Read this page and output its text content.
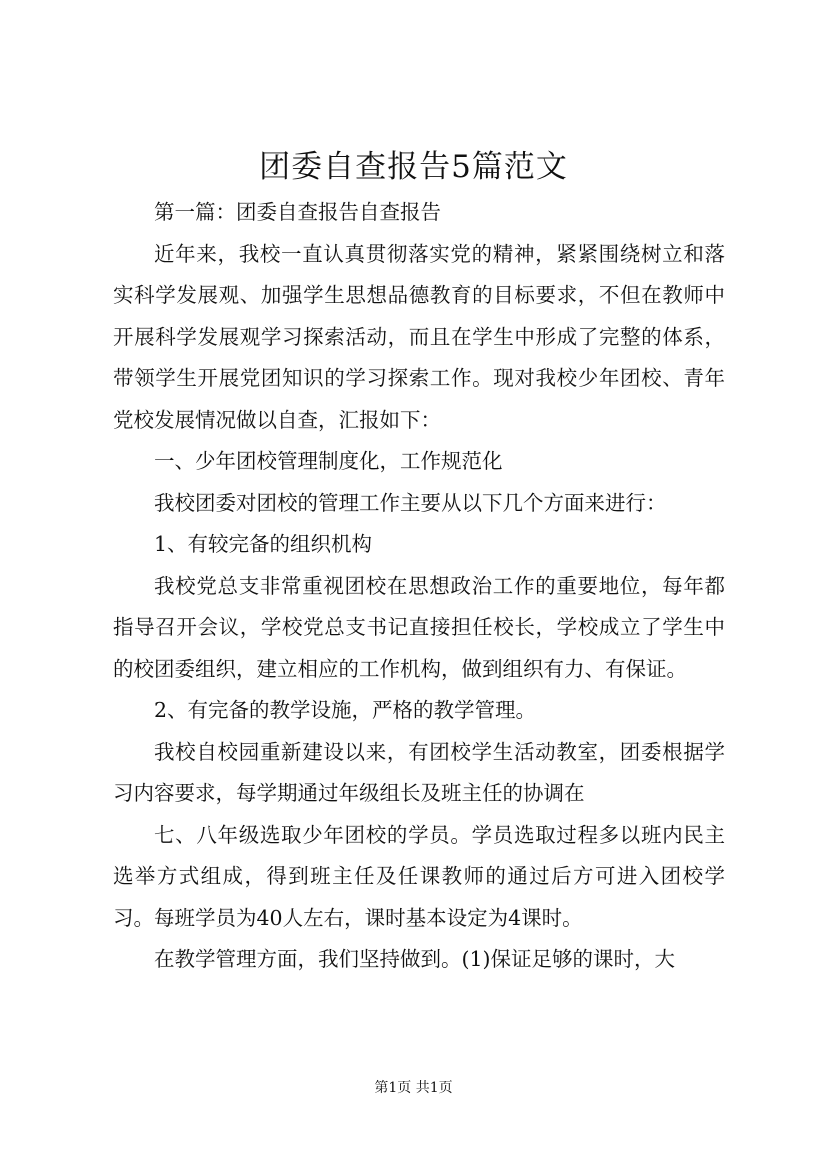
团委自查报告5篇范文

第一篇：团委自查报告自查报告

近年来，我校一直认真贯彻落实党的精神，紧紧围绕树立和落实科学发展观、加强学生思想品德教育的目标要求，不但在教师中开展科学发展观学习探索活动，而且在学生中形成了完整的体系，带领学生开展党团知识的学习探索工作。现对我校少年团校、青年党校发展情况做以自查，汇报如下：

一、少年团校管理制度化，工作规范化

我校团委对团校的管理工作主要从以下几个方面来进行：

1、有较完备的组织机构

我校党总支非常重视团校在思想政治工作的重要地位，每年都指导召开会议，学校党总支书记直接担任校长，学校成立了学生中的校团委组织，建立相应的工作机构，做到组织有力、有保证。

2、有完备的教学设施，严格的教学管理。

我校自校园重新建设以来，有团校学生活动教室，团委根据学习内容要求，每学期通过年级组长及班主任的协调在

七、八年级选取少年团校的学员。学员选取过程多以班内民主选举方式组成，得到班主任及任课教师的通过后方可进入团校学习。每班学员为40人左右，课时基本设定为4课时。

在教学管理方面，我们坚持做到。(1)保证足够的课时，大

第1页 共1页
